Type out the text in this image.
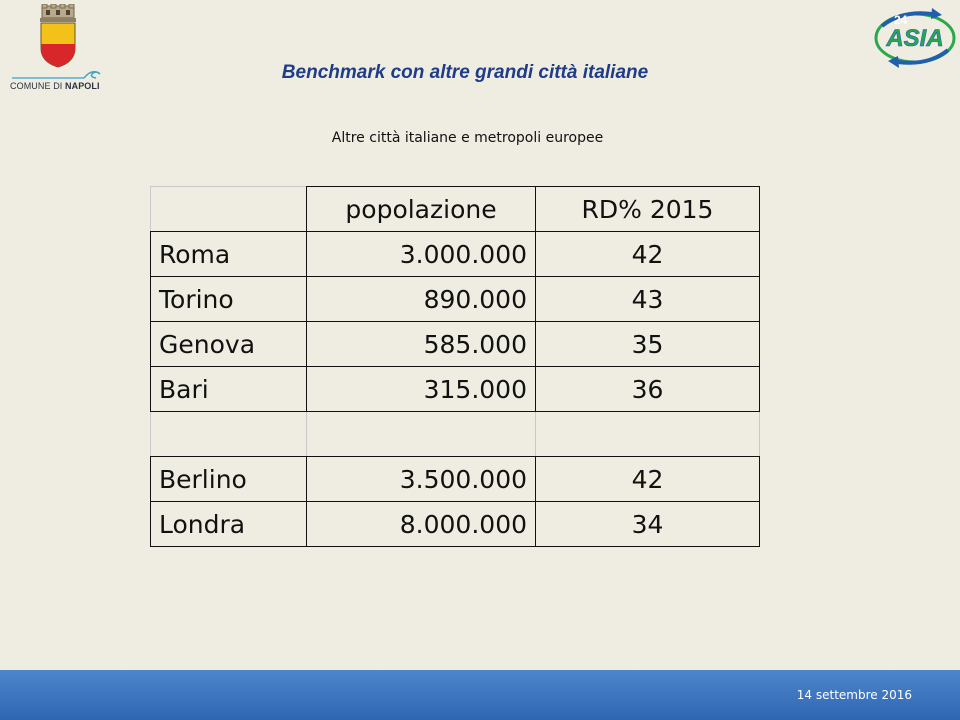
COMUNE DI NAPOLI
ASIA
24
Benchmark con altre grandi città italiane
Altre città italiane e metropoli europee
	popolazione	RD% 2015
Roma	3.000.000	42
Torino	890.000	43
Genova	585.000	35
Bari	315.000	36

Berlino	3.500.000	42
Londra	8.000.000	34
14 settembre 2016
